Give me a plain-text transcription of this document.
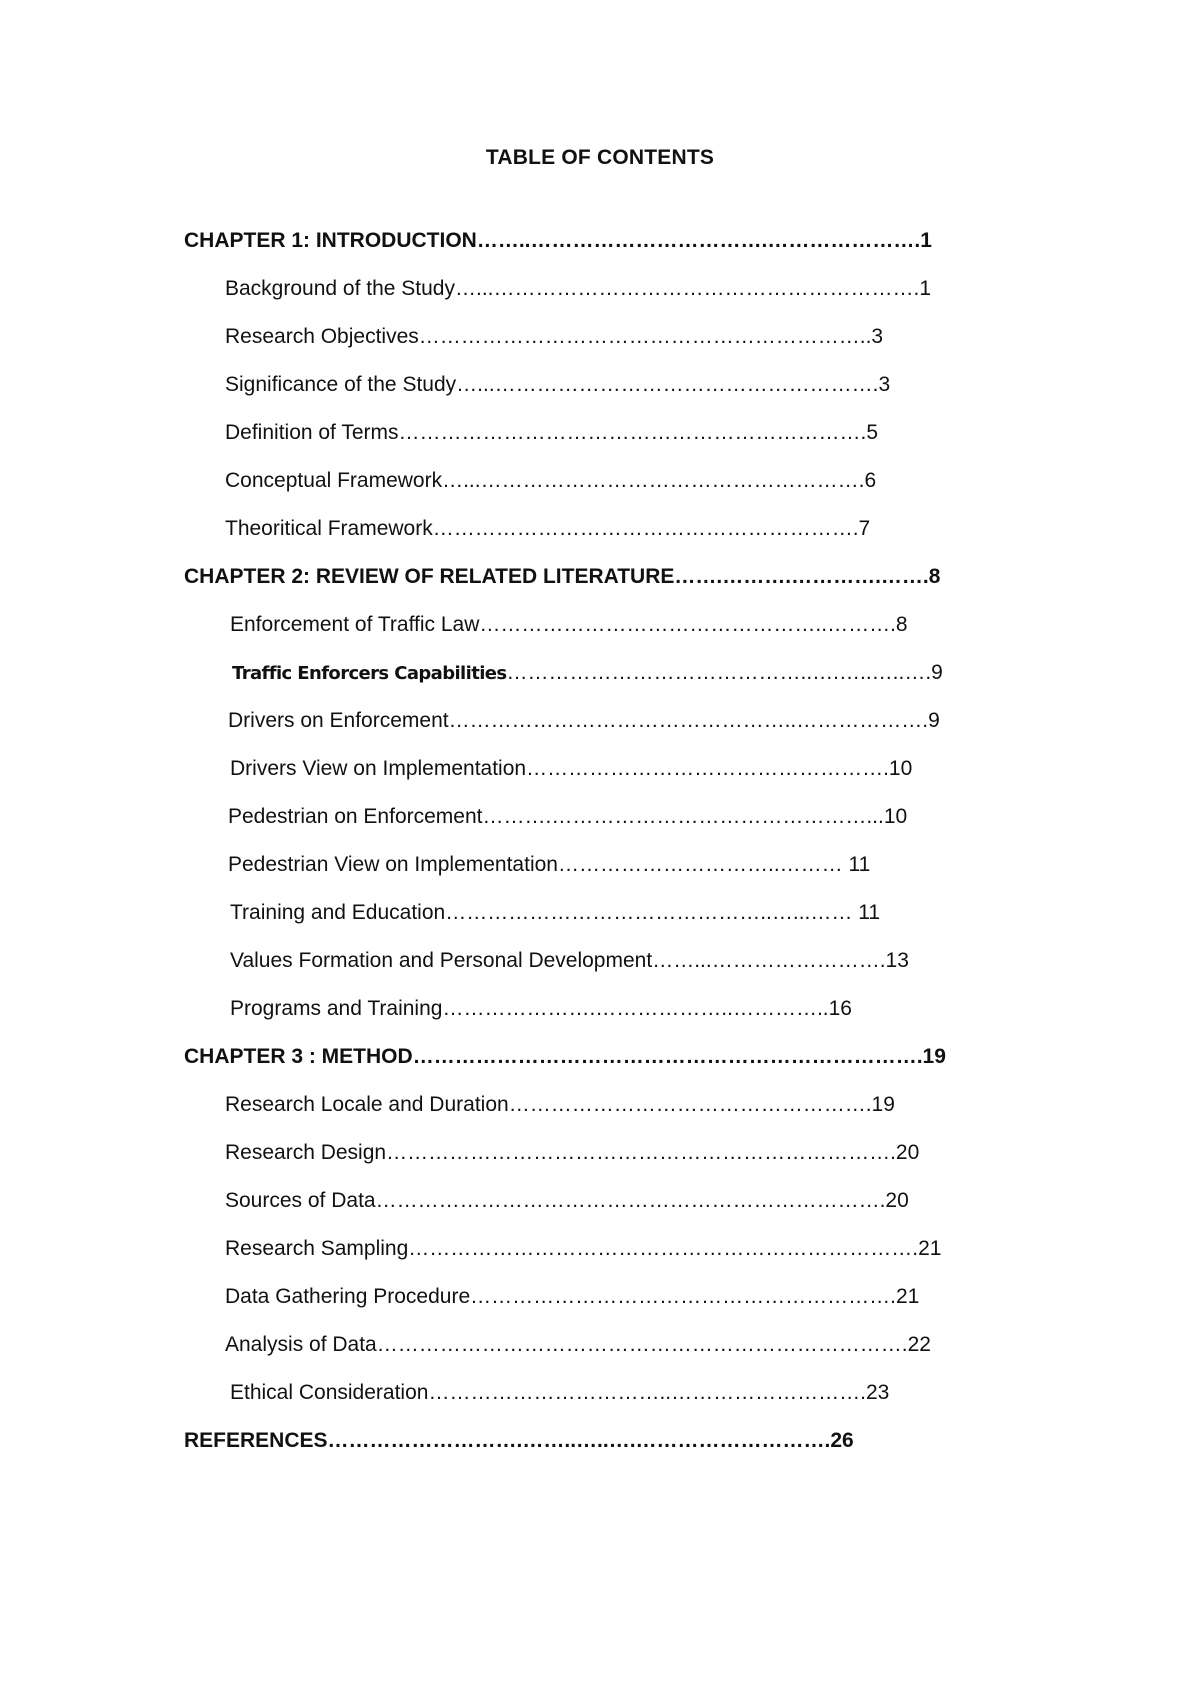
TABLE OF CONTENTS
CHAPTER 1: INTRODUCTION……..…………………………….………………….1
Background of the Study…...…………………………………………………….1
Research Objectives………………………………………………………..3
Significance of the Study…...……………………………………………….3
Definition of Terms………………………………………………………….5
Conceptual Framework…...……………………………………………….6
Theoritical Framework…………………………………………………….7
CHAPTER 2: REVIEW OF RELATED LITERATURE…….……….………….…….8
Enforcement of Traffic Law…………………………………………..……….8
Traffic Enforcers Capabilities……………………………………..….…..…..….9
Drivers on Enforcement…………………………………………..……………….9
Drivers View on Implementation…………………………………………….10
Pedestrian on Enforcement……….………………………………………...10
Pedestrian View on Implementation…………………………..……… 11
Training and Education………………………………………..…...…… 11
Values Formation and Personal Development……...…………………….13
Programs and Training………………….………………..…………..16
CHAPTER 3 : METHOD……………………………………………………………….19
Research Locale and Duration…………………………………………….19
Research Design……………………………………………………………….20
Sources of Data……………………………………………………………….20
Research Sampling……………………………………………………………….21
Data Gathering Procedure…………………………………………………….21
Analysis of Data………………………………………………………………….22
Ethical Consideration……………………………..……………………….23
REFERENCES……………………….……..…..….……………………….26
